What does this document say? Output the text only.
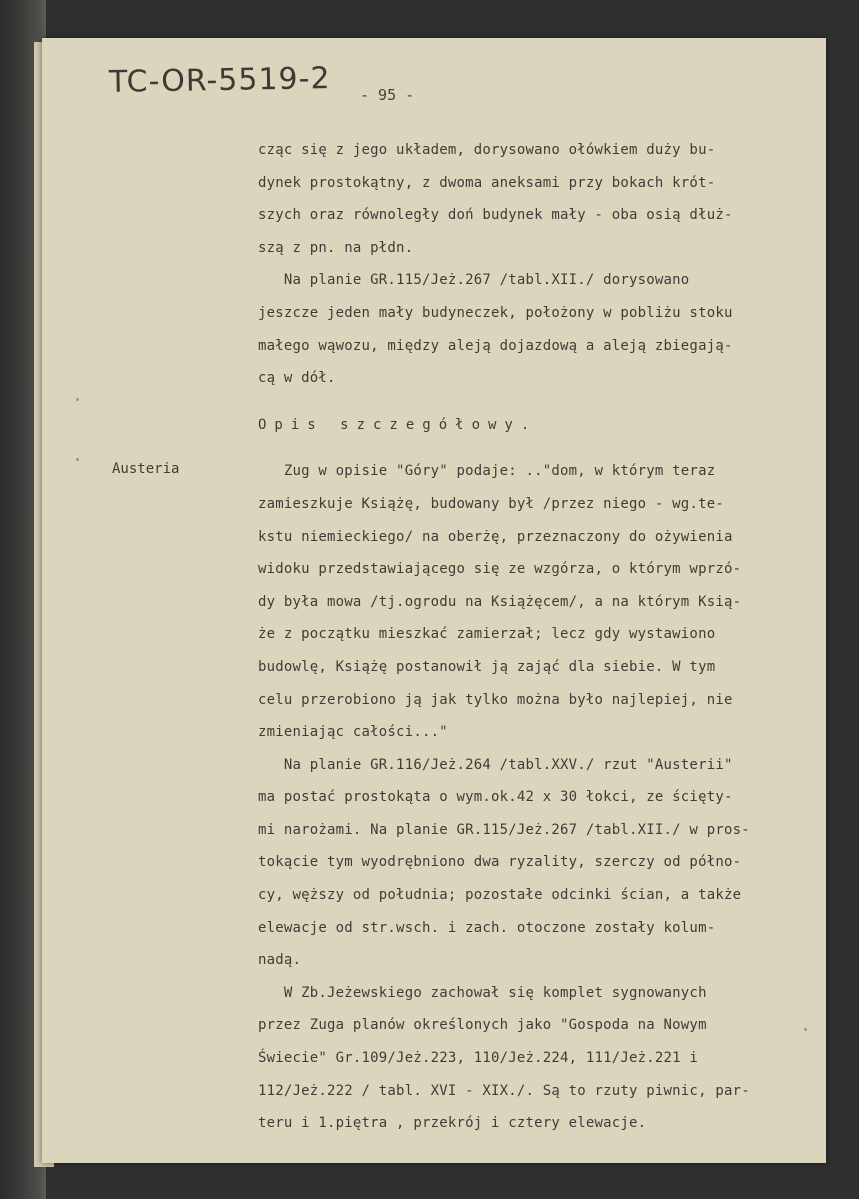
TC-OR-5519-2 - 95 -
Austeria
cząc się z jego układem, dorysowano ołówkiem duży bu-
dynek prostokątny, z dwoma aneksami przy bokach krót-
szych oraz równoległy doń budynek mały - oba osią dłuż-
szą z pn. na płdn.
Na planie GR.115/Jeż.267 /tabl.XII./ dorysowano
jeszcze jeden mały budyneczek, położony w pobliżu stoku
małego wąwozu, między aleją dojazdową a aleją zbiegają-
cą w dół.
Opis szczegółowy.
Zug w opisie "Góry" podaje: .."dom, w którym teraz
zamieszkuje Książę, budowany był /przez niego - wg.te-
kstu niemieckiego/ na oberżę, przeznaczony do ożywienia
widoku przedstawiającego się ze wzgórza, o którym wprzó-
dy była mowa /tj.ogrodu na Książęcem/, a na którym Ksią-
że z początku mieszkać zamierzał; lecz gdy wystawiono
budowlę, Książę postanowił ją zająć dla siebie. W tym
celu przerobiono ją jak tylko można było najlepiej, nie
zmieniając całości..."
Na planie GR.116/Jeż.264 /tabl.XXV./ rzut "Austerii"
ma postać prostokąta o wym.ok.42 x 30 łokci, ze ścięty-
mi narożami. Na planie GR.115/Jeż.267 /tabl.XII./ w pros-
tokącie tym wyodrębniono dwa ryzality, szerczy od półno-
cy, węższy od południa; pozostałe odcinki ścian, a także
elewacje od str.wsch. i zach. otoczone zostały kolum-
nadą.
W Zb.Jeżewskiego zachował się komplet sygnowanych
przez Zuga planów określonych jako "Gospoda na Nowym
Świecie" Gr.109/Jeż.223, 110/Jeż.224, 111/Jeż.221 i
112/Jeż.222 / tabl. XVI - XIX./. Są to rzuty piwnic, par-
teru i 1.piętra , przekrój i cztery elewacje.
